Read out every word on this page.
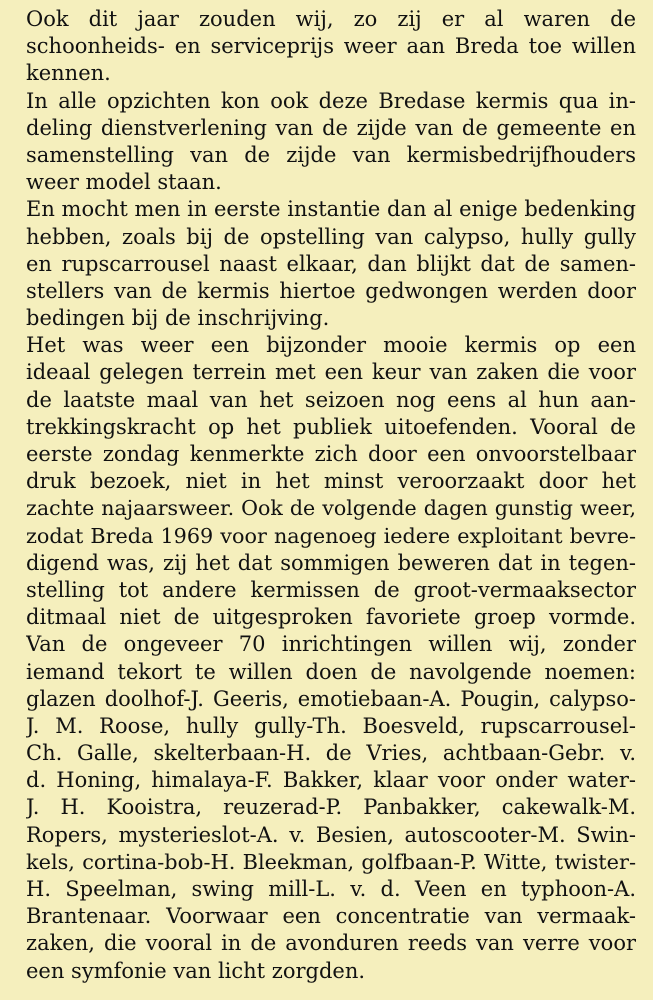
Ook dit jaar zouden wij, zo zij er al waren de
schoonheids- en serviceprijs weer aan Breda toe willen
kennen.
In alle opzichten kon ook deze Bredase kermis qua in-
deling dienstverlening van de zijde van de gemeente en
samenstelling van de zijde van kermisbedrijfhouders
weer model staan.
En mocht men in eerste instantie dan al enige bedenking
hebben, zoals bij de opstelling van calypso, hully gully
en rupscarrousel naast elkaar, dan blijkt dat de samen-
stellers van de kermis hiertoe gedwongen werden door
bedingen bij de inschrijving.
Het was weer een bijzonder mooie kermis op een
ideaal gelegen terrein met een keur van zaken die voor
de laatste maal van het seizoen nog eens al hun aan-
trekkingskracht op het publiek uitoefenden. Vooral de
eerste zondag kenmerkte zich door een onvoorstelbaar
druk bezoek, niet in het minst veroorzaakt door het
zachte najaarsweer. Ook de volgende dagen gunstig weer,
zodat Breda 1969 voor nagenoeg iedere exploitant bevre-
digend was, zij het dat sommigen beweren dat in tegen-
stelling tot andere kermissen de groot-vermaaksector
ditmaal niet de uitgesproken favoriete groep vormde.
Van de ongeveer 70 inrichtingen willen wij, zonder
iemand tekort te willen doen de navolgende noemen:
glazen doolhof-J. Geeris, emotiebaan-A. Pougin, calypso-
J. M. Roose, hully gully-Th. Boesveld, rupscarrousel-
Ch. Galle, skelterbaan-H. de Vries, achtbaan-Gebr. v.
d. Honing, himalaya-F. Bakker, klaar voor onder water-
J. H. Kooistra, reuzerad-P. Panbakker, cakewalk-M.
Ropers, mysterieslot-A. v. Besien, autoscooter-M. Swin-
kels, cortina-bob-H. Bleekman, golfbaan-P. Witte, twister-
H. Speelman, swing mill-L. v. d. Veen en typhoon-A.
Brantenaar. Voorwaar een concentratie van vermaak-
zaken, die vooral in de avonduren reeds van verre voor
een symfonie van licht zorgden.
